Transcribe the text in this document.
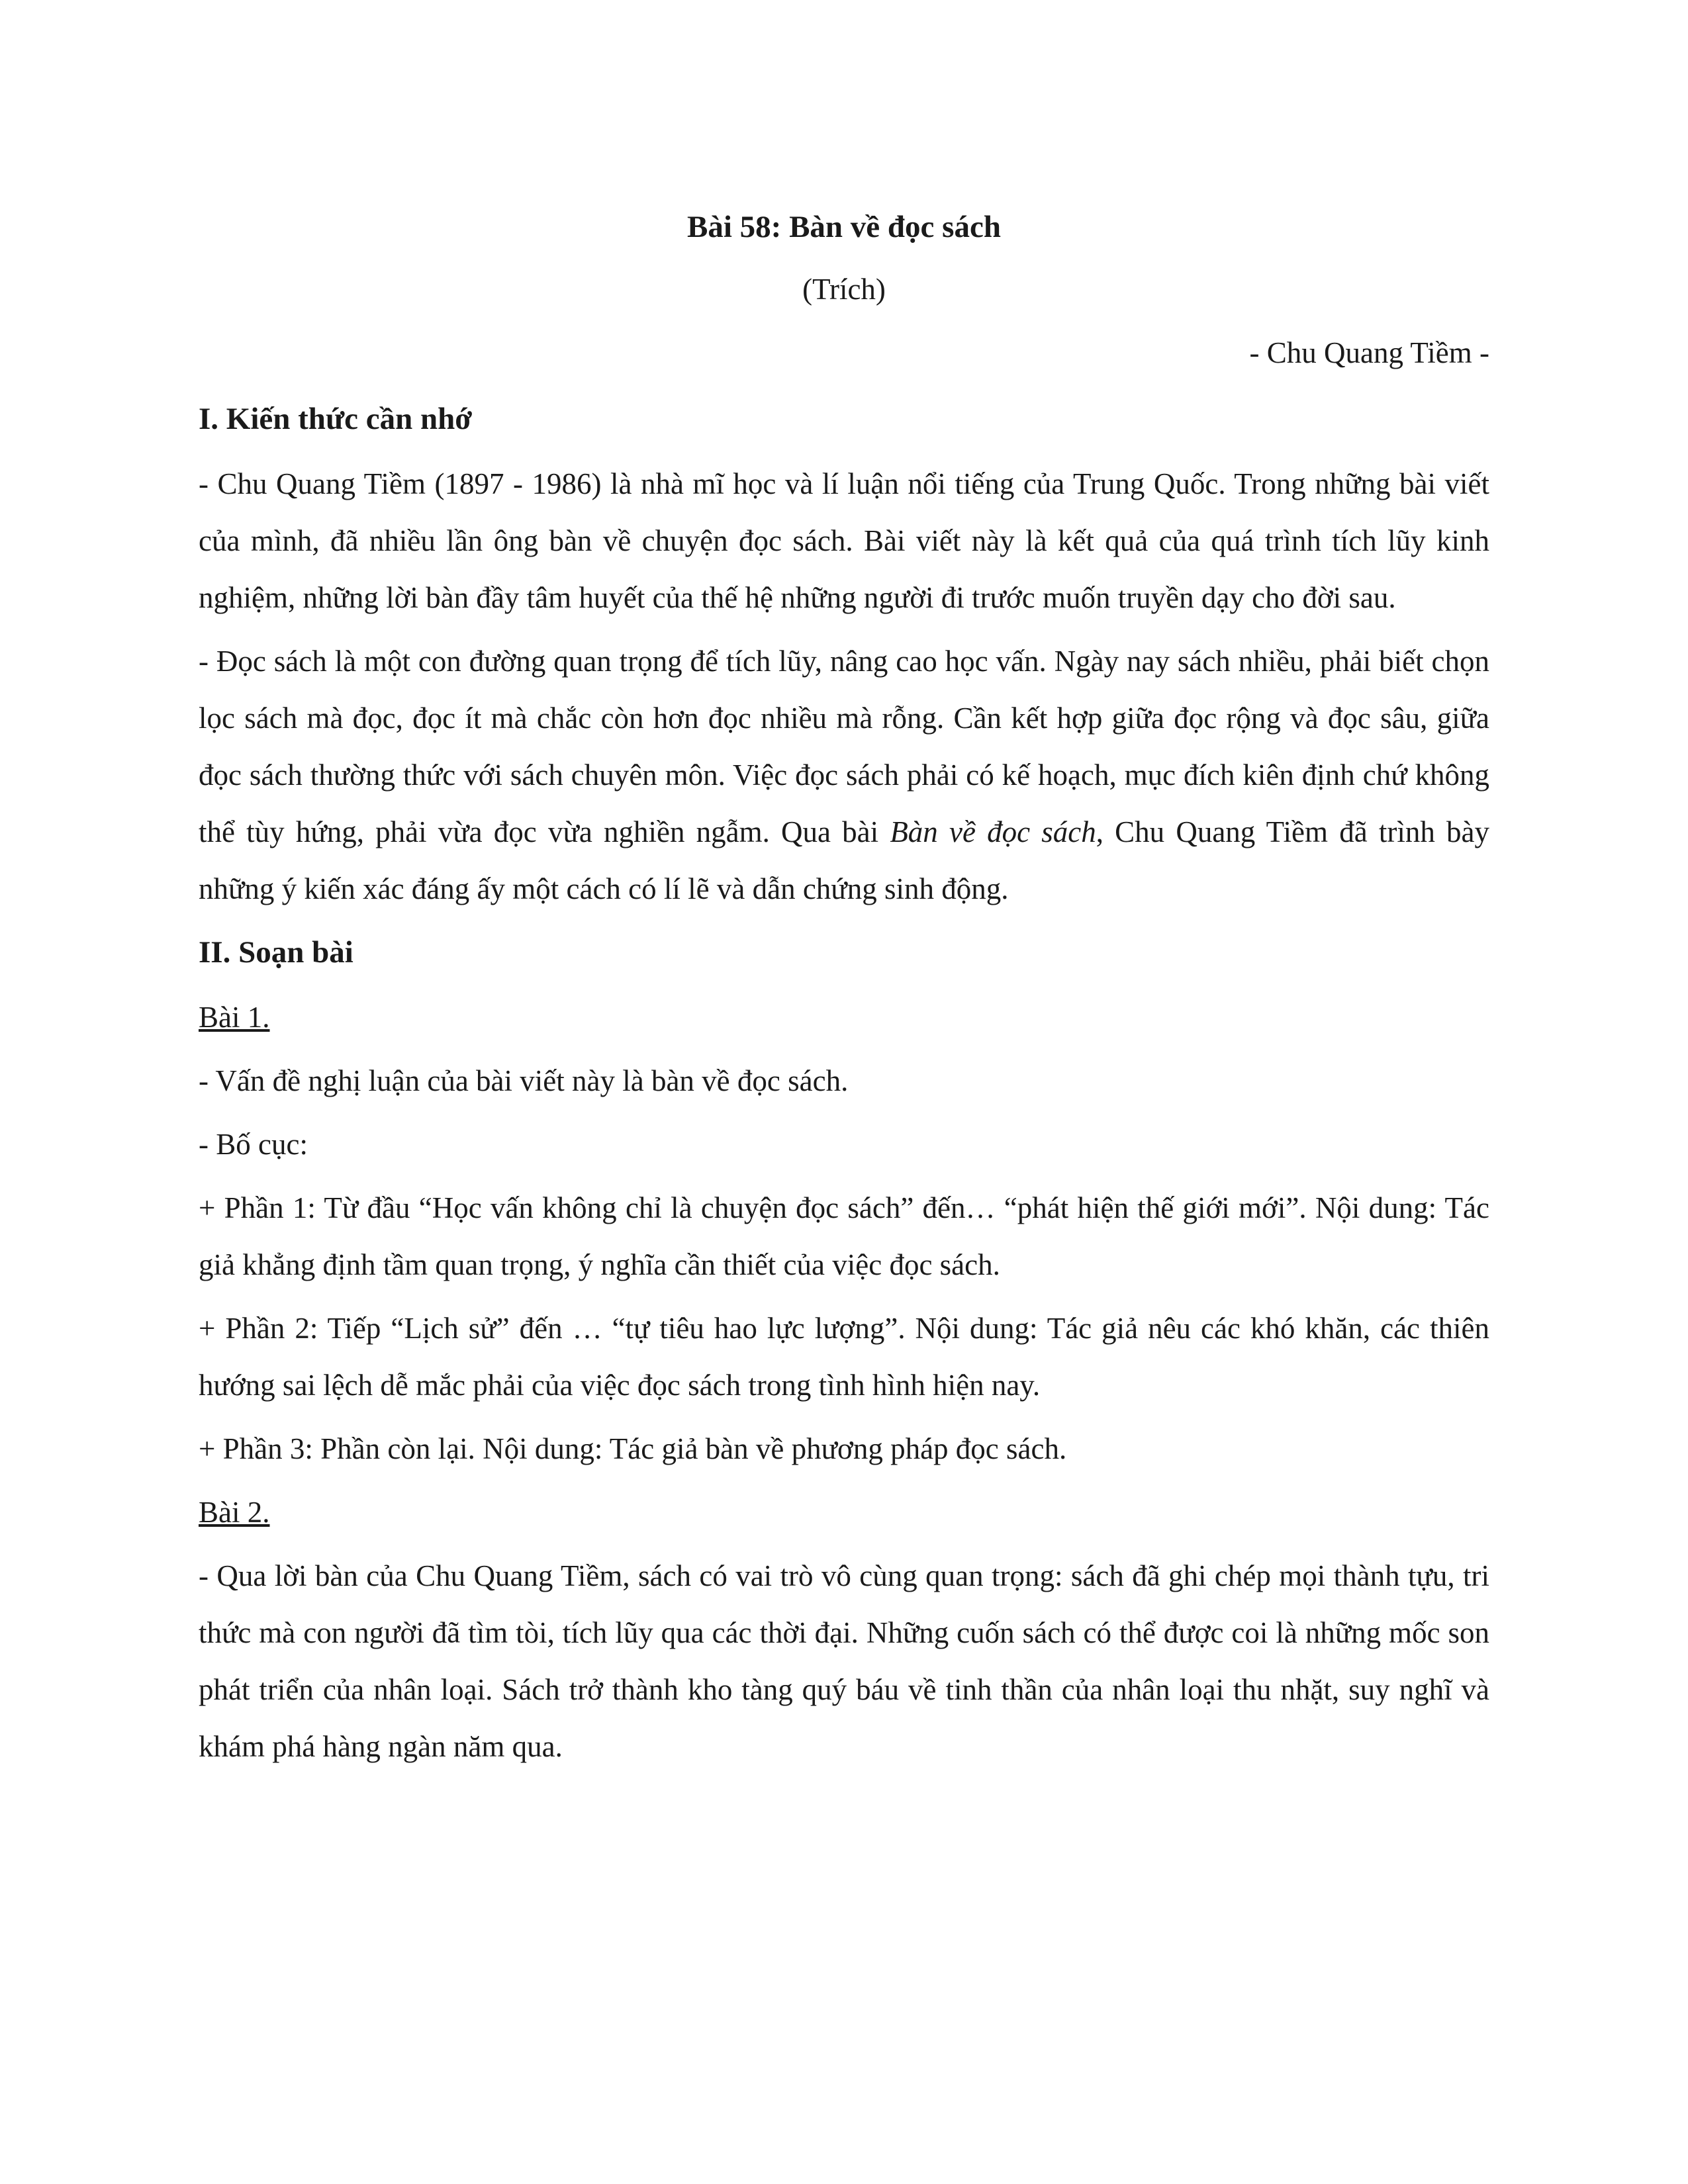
Bài 58: Bàn về đọc sách

(Trích)

- Chu Quang Tiềm -

I. Kiến thức cần nhớ

- Chu Quang Tiềm (1897 - 1986) là nhà mĩ học và lí luận nổi tiếng của Trung Quốc. Trong những bài viết của mình, đã nhiều lần ông bàn về chuyện đọc sách. Bài viết này là kết quả của quá trình tích lũy kinh nghiệm, những lời bàn đầy tâm huyết của thế hệ những người đi trước muốn truyền dạy cho đời sau.

- Đọc sách là một con đường quan trọng để tích lũy, nâng cao học vấn. Ngày nay sách nhiều, phải biết chọn lọc sách mà đọc, đọc ít mà chắc còn hơn đọc nhiều mà rỗng. Cần kết hợp giữa đọc rộng và đọc sâu, giữa đọc sách thường thức với sách chuyên môn. Việc đọc sách phải có kế hoạch, mục đích kiên định chứ không thể tùy hứng, phải vừa đọc vừa nghiền ngẫm. Qua bài Bàn về đọc sách, Chu Quang Tiềm đã trình bày những ý kiến xác đáng ấy một cách có lí lẽ và dẫn chứng sinh động.

II. Soạn bài

Bài 1.

- Vấn đề nghị luận của bài viết này là bàn về đọc sách.

- Bố cục:

+ Phần 1: Từ đầu “Học vấn không chỉ là chuyện đọc sách” đến… “phát hiện thế giới mới”. Nội dung: Tác giả khẳng định tầm quan trọng, ý nghĩa cần thiết của việc đọc sách.

+ Phần 2: Tiếp “Lịch sử” đến … “tự tiêu hao lực lượng”. Nội dung: Tác giả nêu các khó khăn, các thiên hướng sai lệch dễ mắc phải của việc đọc sách trong tình hình hiện nay.

+ Phần 3: Phần còn lại. Nội dung: Tác giả bàn về phương pháp đọc sách.

Bài 2.

- Qua lời bàn của Chu Quang Tiềm, sách có vai trò vô cùng quan trọng: sách đã ghi chép mọi thành tựu, tri thức mà con người đã tìm tòi, tích lũy qua các thời đại. Những cuốn sách có thể được coi là những mốc son phát triển của nhân loại. Sách trở thành kho tàng quý báu về tinh thần của nhân loại thu nhặt, suy nghĩ và khám phá hàng ngàn năm qua.
